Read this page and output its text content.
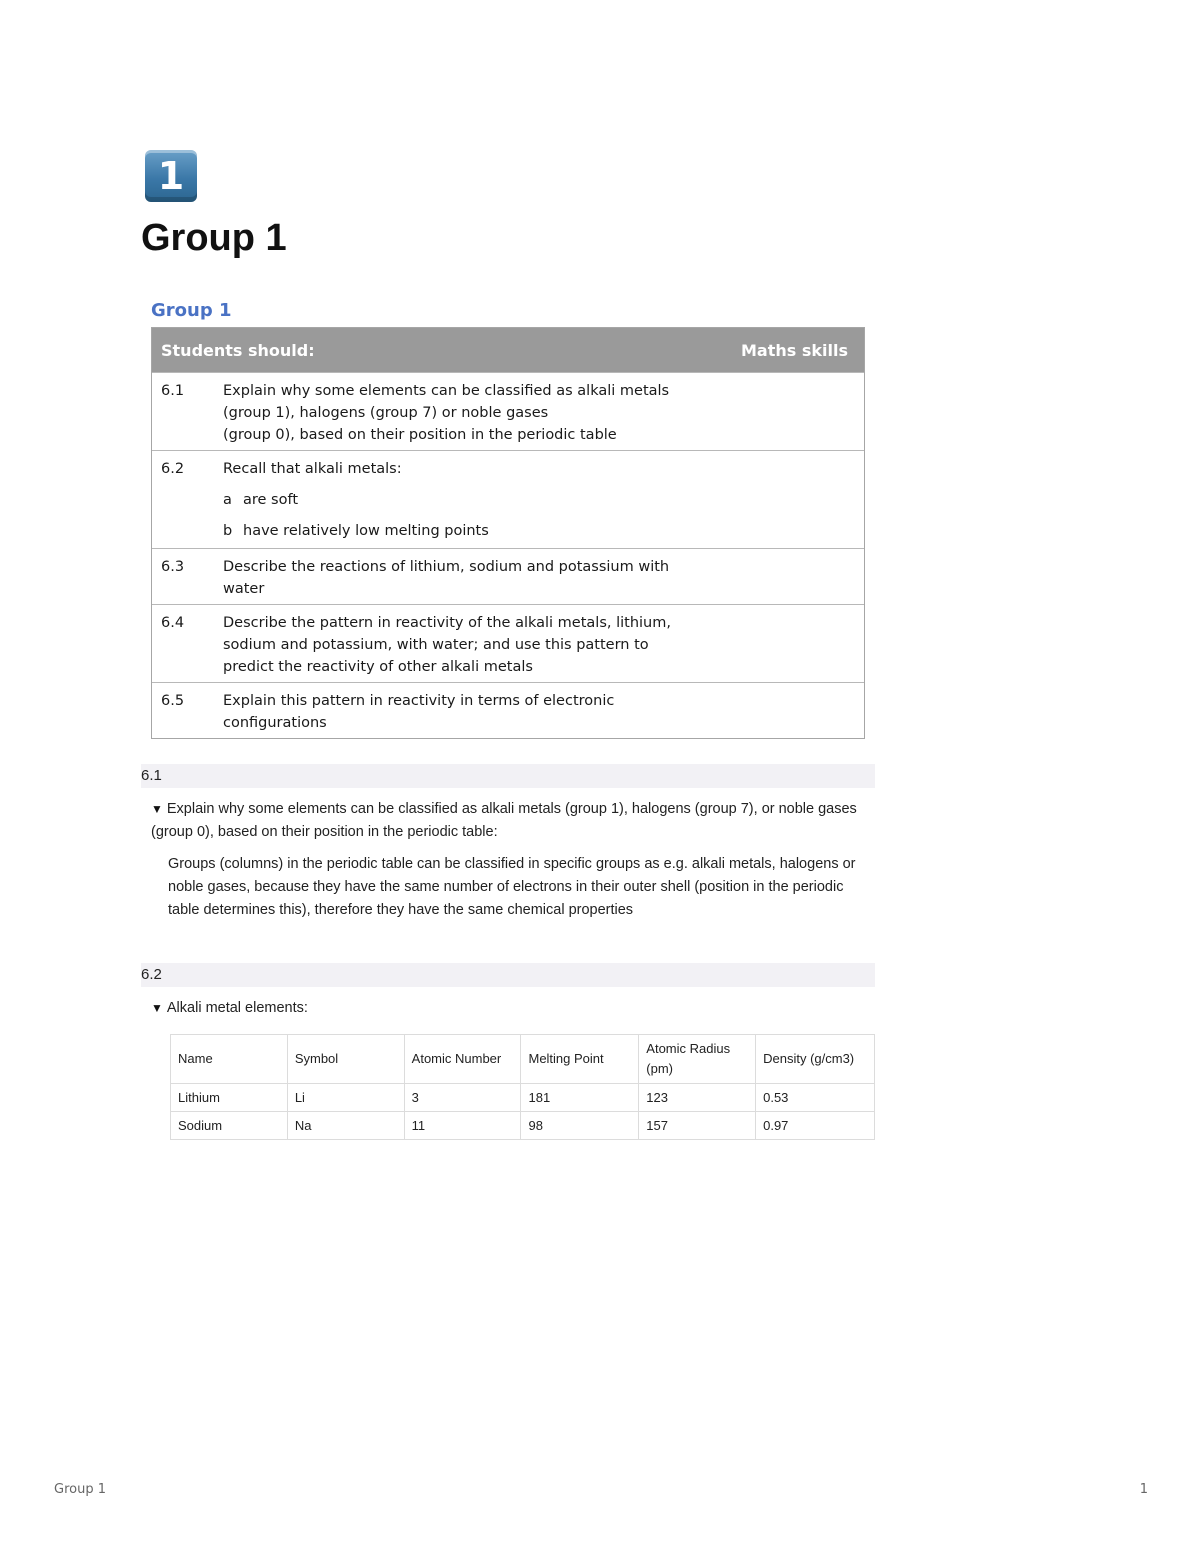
1
Group 1
Group 1
Students should:	Maths skills
6.1	Explain why some elements can be classified as alkali metals
(group 1), halogens (group 7) or noble gases
(group 0), based on their position in the periodic table
6.2	Recall that alkali metals:
a are soft
b have relatively low melting points
6.3	Describe the reactions of lithium, sodium and potassium with
water
6.4	Describe the pattern in reactivity of the alkali metals, lithium,
sodium and potassium, with water; and use this pattern to
predict the reactivity of other alkali metals
6.5	Explain this pattern in reactivity in terms of electronic
configurations
6.1
▼ Explain why some elements can be classified as alkali metals (group 1), halogens (group 7), or noble gases (group 0), based on their position in the periodic table:
Groups (columns) in the periodic table can be classified in specific groups as e.g. alkali metals, halogens or noble gases, because they have the same number of electrons in their outer shell (position in the periodic table determines this), therefore they have the same chemical properties
6.2
▼ Alkali metal elements:
Name	Symbol	Atomic Number	Melting Point	Atomic Radius (pm)	Density (g/cm3)
Lithium	Li	3	181	123	0.53
Sodium	Na	11	98	157	0.97
Group 1	1
